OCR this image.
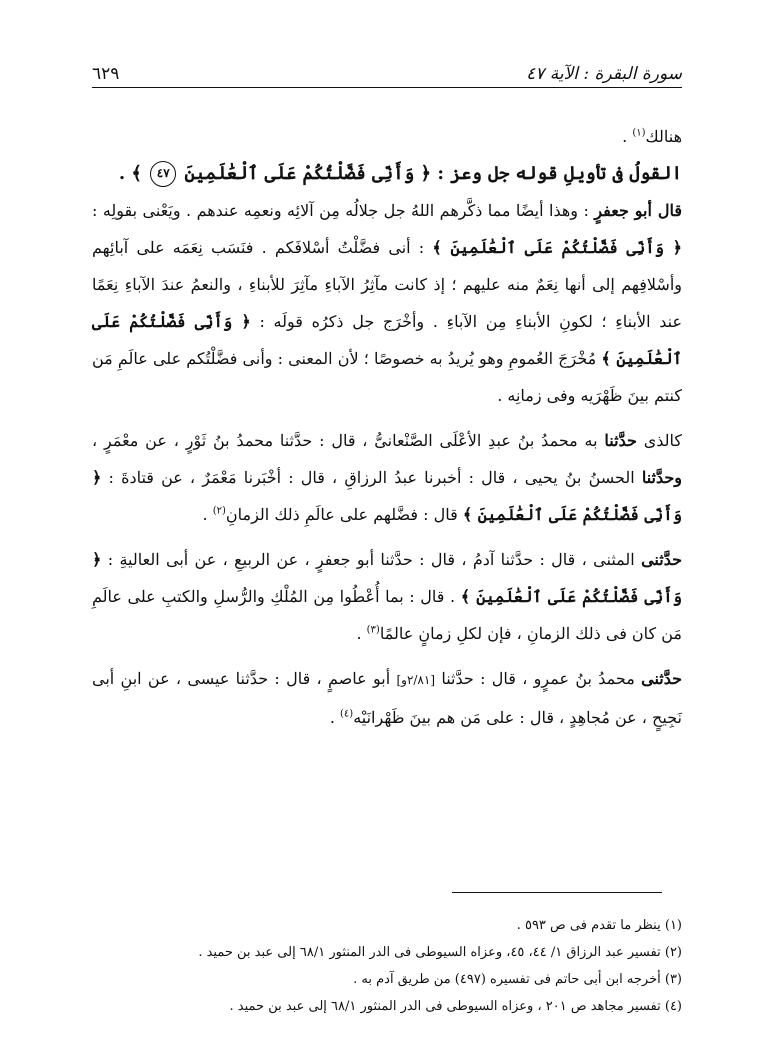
سورة البقرة : الآية ٤٧
٦٢٩

هنالك$^{(١)}$ .

القولُ فى تأويلِ قوله جل وعز : ﴿ وَأَنِّى فَضَّلْتُكُمْ عَلَى ٱلْعَٰلَمِينَ ٤٧ ﴾ .

قال أبو جعفرٍ : وهذا أيضًا مما ذكَّرهم اللهُ جل جلالُه مِن آلائِه ونعمِه عندهم . ويَعْنى بقولِه : ﴿ وَأَنِّى فَضَّلْتُكُمْ عَلَى ٱلْعَٰلَمِينَ ﴾ : أنى فضَّلْتُ أسْلافَكم . فنَسَب نِعَمَه على آبائِهم وأسْلافِهم إلى أنها نِعَمٌ منه عليهم ؛ إذ كانت مآثِرُ الآباءِ مآثِرَ للأبناءِ ، والنعمُ عندَ الآباءِ نِعَمًا عند الأبناءِ ؛ لكونِ الأبناءِ مِن الآباءِ . وأخْرَج جل ذكرُه قولَه : ﴿ وَأَنِّى فَضَّلْتُكُمْ عَلَى ٱلْعَٰلَمِينَ ﴾ مُخْرَجَ العُمومِ وهو يُريدُ به خصوصًا ؛ لأن المعنى : وأنى فضَّلْتُكم على عالَمِ مَن كنتم بينَ ظَهْرَيه وفى زمانِه .

كالذى حدَّثنا به محمدُ بنُ عبدِ الأعْلَى الصَّنْعانىُّ ، قال : حدَّثنا محمدُ بنُ ثَوْرٍ ، عن معْمَرٍ ، وحدَّثنا الحسنُ بنُ يحيى ، قال : أخبرنا عبدُ الرزاقِ ، قال : أخْبَرنا مَعْمَرٌ ، عن قتادةَ : ﴿ وَأَنِّى فَضَّلْتُكُمْ عَلَى ٱلْعَٰلَمِينَ ﴾ قال : فضَّلهم على عالَمِ ذلك الزمانِ$^{(٢)}$ .

حدَّثنى المثنى ، قال : حدَّثنا آدمُ ، قال : حدَّثنا أبو جعفرٍ ، عن الربيعِ ، عن أبى العاليةِ : ﴿ وَأَنِّى فَضَّلْتُكُمْ عَلَى ٱلْعَٰلَمِينَ ﴾ . قال : بما أُعْطُوا مِن المُلْكِ والرُّسلِ والكتبِ على عالَمِ مَن كان فى ذلك الزمانِ ، فإن لكلِ زمانٍ عالمًا$^{(٣)}$ .

حدَّثنى محمدُ بنُ عمرٍو ، قال : حدَّثنا [٢/٨١و] أبو عاصمٍ ، قال : حدَّثنا عيسى ، عن ابنِ أبى نَجِيحٍ ، عن مُجاهِدٍ ، قال : على مَن هم بينَ ظَهْرانَيْه$^{(٤)}$ .

(١) ينظر ما تقدم فى ص ٥٩٣ .
(٢) تفسير عبد الرزاق ١/ ٤٤، ٤٥، وعزاه السيوطى فى الدر المنثور ٦٨/١ إلى عبد بن حميد .
(٣) أخرجه ابن أبى حاتم فى تفسيره (٤٩٧) من طريق آدم به .
(٤) تفسير مجاهد ص ٢٠١ ، وعزاه السيوطى فى الدر المنثور ٦٨/١ إلى عبد بن حميد .
